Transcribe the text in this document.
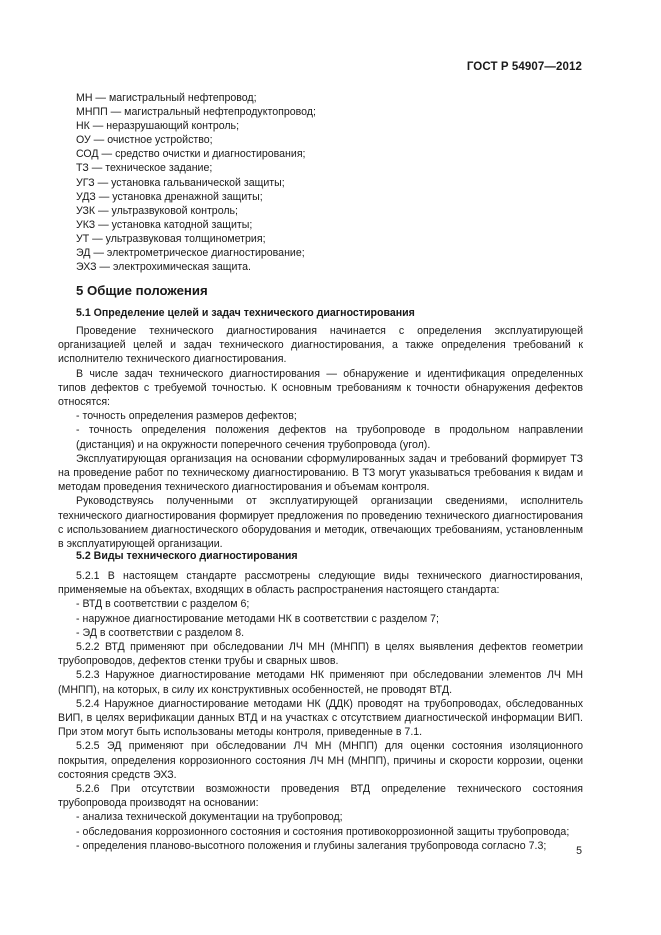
ГОСТ Р 54907—2012
МН — магистральный нефтепровод;
МНПП — магистральный нефтепродуктопровод;
НК — неразрушающий контроль;
ОУ — очистное устройство;
СОД — средство очистки и диагностирования;
ТЗ — техническое задание;
УГЗ — установка гальванической защиты;
УДЗ — установка дренажной защиты;
УЗК — ультразвуковой контроль;
УКЗ — установка катодной защиты;
УТ — ультразвуковая толщинометрия;
ЭД — электрометрическое диагностирование;
ЭХЗ — электрохимическая защита.
5 Общие положения
5.1 Определение целей и задач технического диагностирования

Проведение технического диагностирования начинается с определения эксплуатирующей организацией целей и задач технического диагностирования, а также определения требований к исполнителю технического диагностирования.

В числе задач технического диагностирования — обнаружение и идентификация определенных типов дефектов с требуемой точностью. К основным требованиям к точности обнаружения дефектов относятся:

- точность определения размеров дефектов;

- точность определения положения дефектов на трубопроводе в продольном направлении (дистанция) и на окружности поперечного сечения трубопровода (угол).

Эксплуатирующая организация на основании сформулированных задач и требований формирует ТЗ на проведение работ по техническому диагностированию. В ТЗ могут указываться требования к видам и методам проведения технического диагностирования и объемам контроля.

Руководствуясь полученными от эксплуатирующей организации сведениями, исполнитель технического диагностирования формирует предложения по проведению технического диагностирования с использованием диагностического оборудования и методик, отвечающих требованиям, установленным в эксплуатирующей организации.

5.2 Виды технического диагностирования

5.2.1 В настоящем стандарте рассмотрены следующие виды технического диагностирования, применяемые на объектах, входящих в область распространения настоящего стандарта:

- ВТД в соответствии с разделом 6;

- наружное диагностирование методами НК в соответствии с разделом 7;

- ЭД в соответствии с разделом 8.

5.2.2 ВТД применяют при обследовании ЛЧ МН (МНПП) в целях выявления дефектов геометрии трубопроводов, дефектов стенки трубы и сварных швов.

5.2.3 Наружное диагностирование методами НК применяют при обследовании элементов ЛЧ МН (МНПП), на которых, в силу их конструктивных особенностей, не проводят ВТД.

5.2.4 Наружное диагностирование методами НК (ДДК) проводят на трубопроводах, обследованных ВИП, в целях верификации данных ВТД и на участках с отсутствием диагностической информации ВИП. При этом могут быть использованы методы контроля, приведенные в 7.1.

5.2.5 ЭД применяют при обследовании ЛЧ МН (МНПП) для оценки состояния изоляционного покрытия, определения коррозионного состояния ЛЧ МН (МНПП), причины и скорости коррозии, оценки состояния средств ЭХЗ.

5.2.6 При отсутствии возможности проведения ВТД определение технического состояния трубопровода производят на основании:

- анализа технической документации на трубопровод;

- обследования коррозионного состояния и состояния противокоррозионной защиты трубопровода;

- определения планово-высотного положения и глубины залегания трубопровода согласно 7.3;	5
